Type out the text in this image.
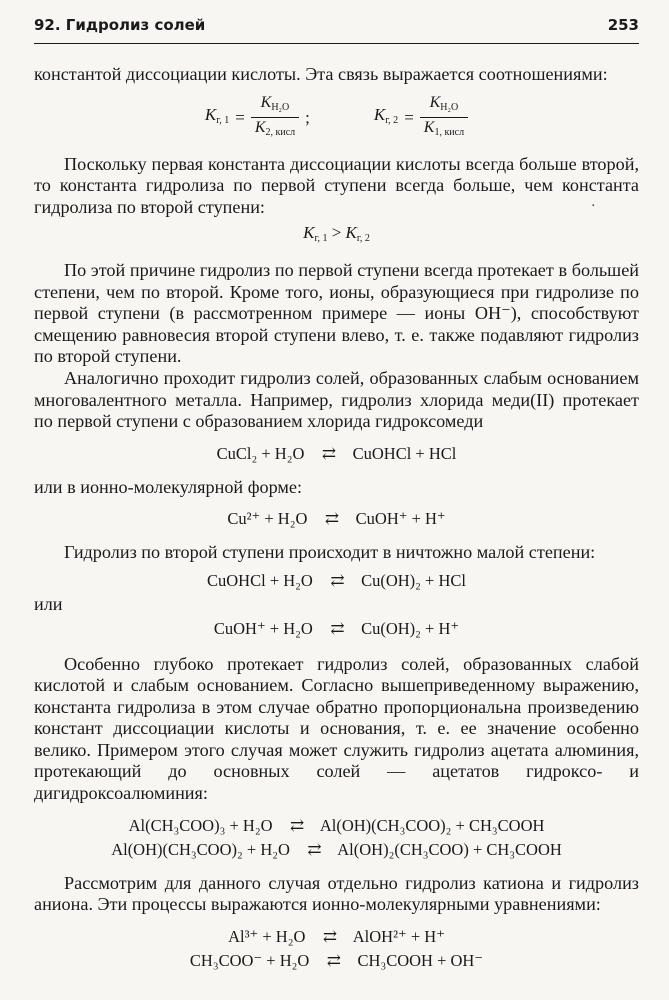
92. Гидролиз солей	253

константой диссоциации кислоты. Эта связь выражается соотношениями:

$K_{г, 1} = \frac{K_{H_2O}}{K_{2, кисл}}$ ;	$K_{г, 2} = \frac{K_{H_2O}}{K_{1, кисл}}$
.

Поскольку первая константа диссоциации кислоты всегда больше второй, то константа гидролиза по первой ступени всегда больше, чем константа гидролиза по второй ступени:

$K_{г, 1} > K_{г, 2}$

По этой причине гидролиз по первой ступени всегда протекает в большей степени, чем по второй. Кроме того, ионы, образующиеся при гидролизе по первой ступени (в рассмотренном примере — ионы OH⁻), способствуют смещению равновесия второй ступени влево, т. е. также подавляют гидролиз по второй ступени.

Аналогично проходит гидролиз солей, образованных слабым основанием многовалентного металла. Например, гидролиз хлорида меди(II) протекает по первой ступени с образованием хлорида гидроксомеди

CuCl₂ + H₂O ⇄ CuOHCl + HCl

или в ионно-молекулярной форме:

Cu²⁺ + H₂O ⇄ CuOH⁺ + H⁺

Гидролиз по второй ступени происходит в ничтожно малой степени:

CuOHCl + H₂O ⇄ Cu(OH)₂ + HCl

или

CuOH⁺ + H₂O ⇄ Cu(OH)₂ + H⁺

Особенно глубоко протекает гидролиз солей, образованных слабой кислотой и слабым основанием. Согласно вышеприведенному выражению, константа гидролиза в этом случае обратно пропорциональна произведению констант диссоциации кислоты и основания, т. е. ее значение особенно велико. Примером этого случая может служить гидролиз ацетата алюминия, протекающий до основных солей — ацетатов гидроксо- и дигидроксоалюминия:

Al(CH₃COO)₃ + H₂O ⇄ Al(OH)(CH₃COO)₂ + CH₃COOH
Al(OH)(CH₃COO)₂ + H₂O ⇄ Al(OH)₂(CH₃COO) + CH₃COOH

Рассмотрим для данного случая отдельно гидролиз катиона и гидролиз аниона. Эти процессы выражаются ионно-молекулярными уравнениями:

Al³⁺ + H₂O ⇄ AlOH²⁺ + H⁺
CH₃COO⁻ + H₂O ⇄ CH₃COOH + OH⁻
